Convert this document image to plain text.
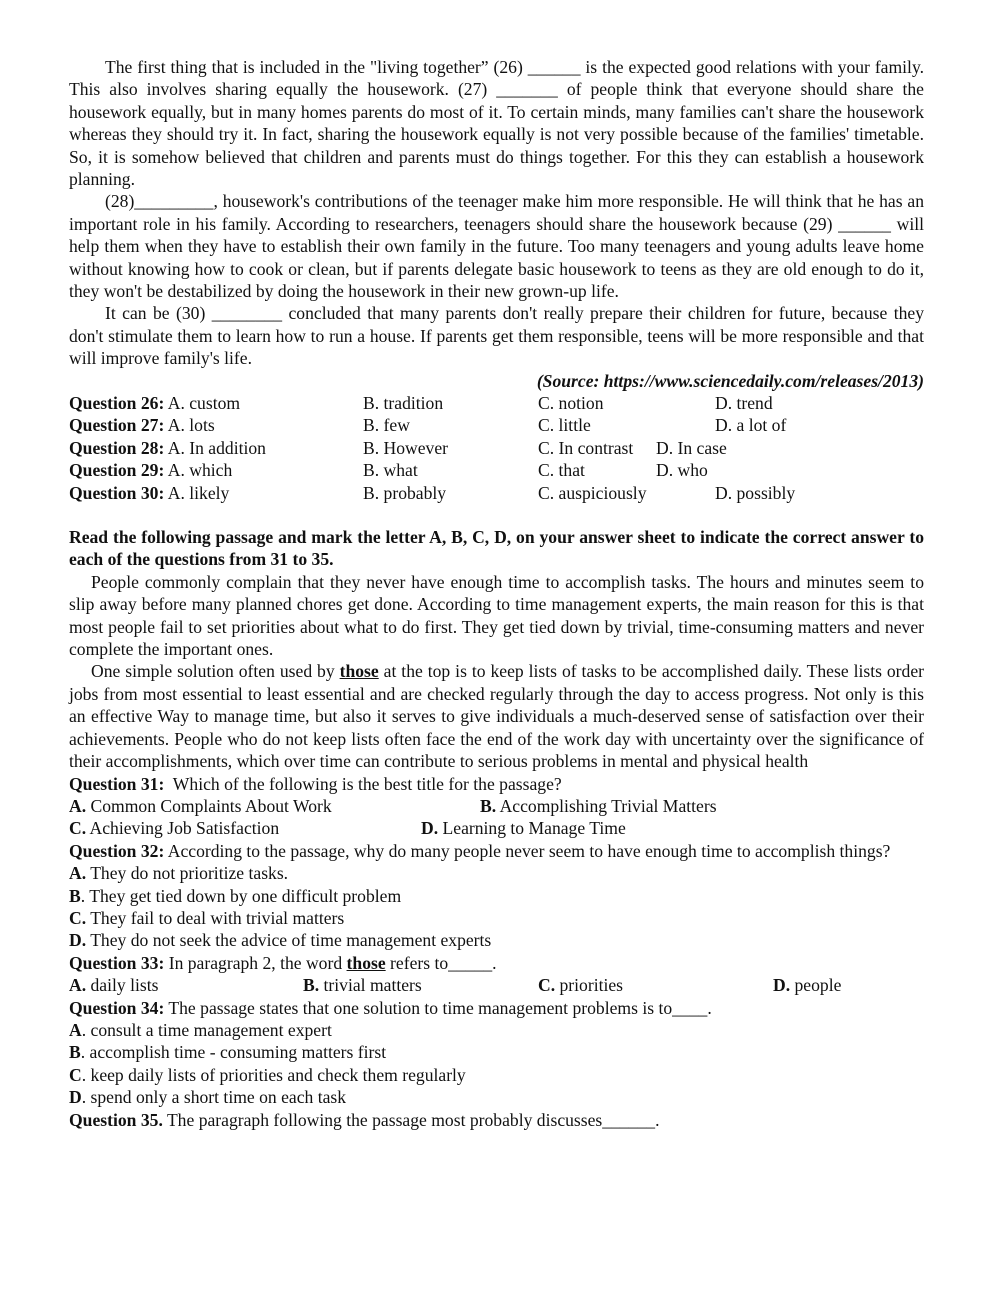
The first thing that is included in the "living together” (26) ______ is the expected good relations with your family. This also involves sharing equally the housework. (27) _______ of people think that everyone should share the housework equally, but in many homes parents do most of it. To certain minds, many families can't share the housework whereas they should try it. In fact, sharing the housework equally is not very possible because of the families' timetable. So, it is somehow believed that children and parents must do things together. For this they can establish a housework planning.

(28)_________, housework's contributions of the teenager make him more responsible. He will think that he has an important role in his family. According to researchers, teenagers should share the housework because (29) ______ will help them when they have to establish their own family in the future. Too many teenagers and young adults leave home without knowing how to cook or clean, but if parents delegate basic housework to teens as they are old enough to do it, they won't be destabilized by doing the housework in their new grown-up life.

It can be (30) ________ concluded that many parents don't really prepare their children for future, because they don't stimulate them to learn how to run a house. If parents get them responsible, teens will be more responsible and that will improve family's life.

(Source: https://www.sciencedaily.com/releases/2013)

Question 26: A. custom	B. tradition	C. notion	D. trend
Question 27: A. lots	B. few	C. little	D. a lot of
Question 28: A. In addition	B. However	C. In contrast D. In case
Question 29: A. which	B. what	C. that	D. who
Question 30: A. likely	B. probably	C. auspiciously	D. possibly

Read the following passage and mark the letter A, B, C, D, on your answer sheet to indicate the correct answer to each of the questions from 31 to 35.

People commonly complain that they never have enough time to accomplish tasks. The hours and minutes seem to slip away before many planned chores get done. According to time management experts, the main reason for this is that most people fail to set priorities about what to do first. They get tied down by trivial, time-consuming matters and never complete the important ones.

One simple solution often used by those at the top is to keep lists of tasks to be accomplished daily. These lists order jobs from most essential to least essential and are checked regularly through the day to access progress. Not only is this an effective Way to manage time, but also it serves to give individuals a much-deserved sense of satisfaction over their achievements. People who do not keep lists often face the end of the work day with uncertainty over the significance of their accomplishments, which over time can contribute to serious problems in mental and physical health

Question 31:  Which of the following is the best title for the passage?

A. Common Complaints About Work	B. Accomplishing Trivial Matters
C. Achieving Job Satisfaction	D. Learning to Manage Time

Question 32: According to the passage, why do many people never seem to have enough time to accomplish things?

A. They do not prioritize tasks.

B. They get tied down by one difficult problem

C. They fail to deal with trivial matters

D. They do not seek the advice of time management experts

Question 33: In paragraph 2, the word those refers to_____.

A. daily lists	B. trivial matters	C. priorities	D. people

Question 34: The passage states that one solution to time management problems is to____.

A. consult a time management expert

B. accomplish time - consuming matters first

C. keep daily lists of priorities and check them regularly

D. spend only a short time on each task

Question 35. The paragraph following the passage most probably discusses______.
